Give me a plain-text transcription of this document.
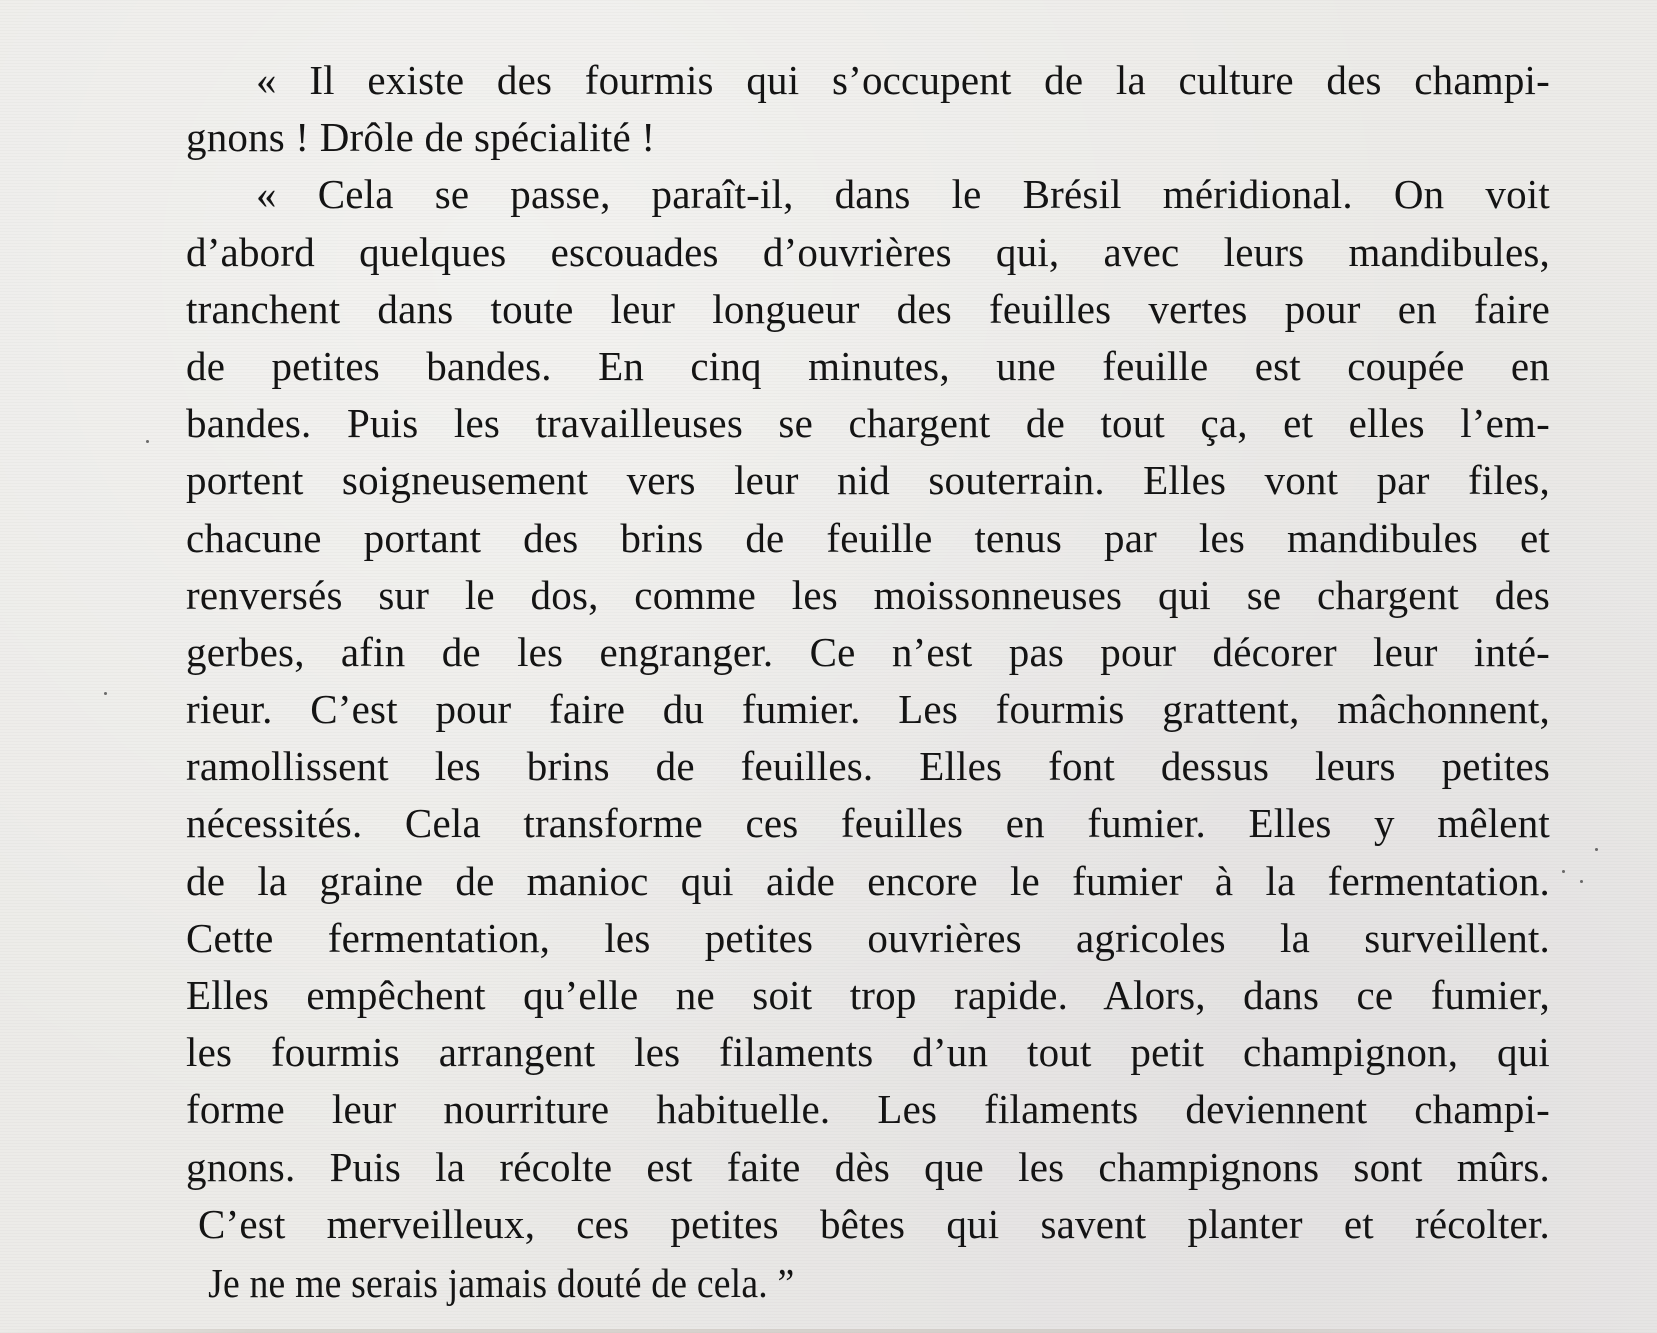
« Il existe des fourmis qui s’occupent de la culture des champi-
gnons ! Drôle de spécialité !
« Cela se passe, paraît-il, dans le Brésil méridional. On voit
d’abord quelques escouades d’ouvrières qui, avec leurs mandibules,
tranchent dans toute leur longueur des feuilles vertes pour en faire
de petites bandes. En cinq minutes, une feuille est coupée en
bandes. Puis les travailleuses se chargent de tout ça, et elles l’em-
portent soigneusement vers leur nid souterrain. Elles vont par files,
chacune portant des brins de feuille tenus par les mandibules et
renversés sur le dos, comme les moissonneuses qui se chargent des
gerbes, afin de les engranger. Ce n’est pas pour décorer leur inté-
rieur. C’est pour faire du fumier. Les fourmis grattent, mâchonnent,
ramollissent les brins de feuilles. Elles font dessus leurs petites
nécessités. Cela transforme ces feuilles en fumier. Elles y mêlent
de la graine de manioc qui aide encore le fumier à la fermentation.
Cette fermentation, les petites ouvrières agricoles la surveillent.
Elles empêchent qu’elle ne soit trop rapide. Alors, dans ce fumier,
les fourmis arrangent les filaments d’un tout petit champignon, qui
forme leur nourriture habituelle. Les filaments deviennent champi-
gnons. Puis la récolte est faite dès que les champignons sont mûrs.
C’est merveilleux, ces petites bêtes qui savent planter et récolter.
Je ne me serais jamais douté de cela. ”
